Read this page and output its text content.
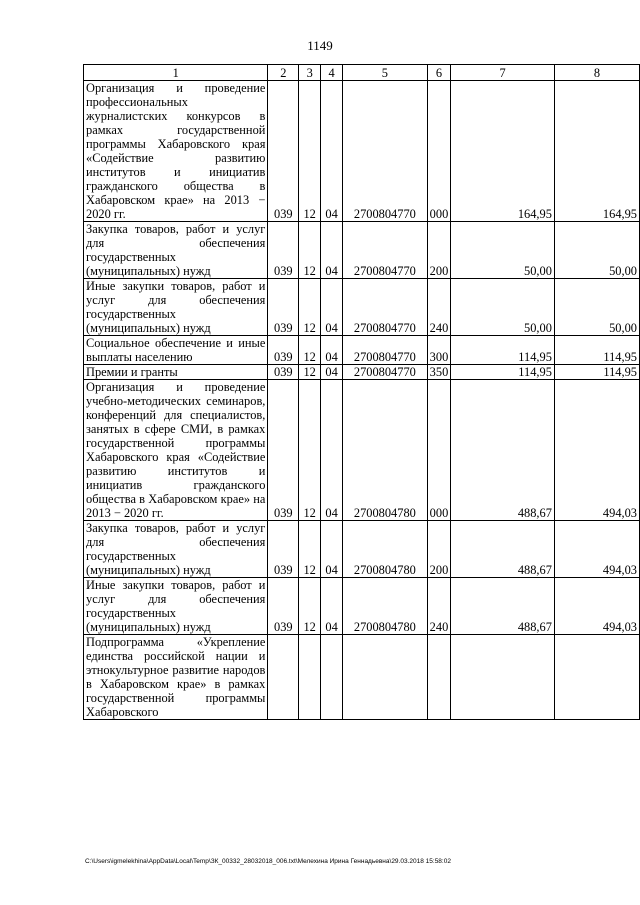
1149
1	2	3	4	5	6	7	8
Организация и проведение профессиональных журналистских конкурсов в рамках государственной программы Хабаровского края «Содействие развитию институтов и инициатив гражданского общества в Хабаровском крае» на 2013 − 2020 гг.	039	12	04	2700804770	000	164,95	164,95
Закупка товаров, работ и услуг для обеспечения государственных (муниципальных) нужд	039	12	04	2700804770	200	50,00	50,00
Иные закупки товаров, работ и услуг для обеспечения государственных (муниципальных) нужд	039	12	04	2700804770	240	50,00	50,00
Социальное обеспечение и иные выплаты населению	039	12	04	2700804770	300	114,95	114,95
Премии и гранты	039	12	04	2700804770	350	114,95	114,95
Организация и проведение учебно-методических семинаров, конференций для специалистов, занятых в сфере СМИ, в рамках государственной программы Хабаровского края «Содействие развитию институтов и инициатив гражданского общества в Хабаровском крае» на 2013 − 2020 гг.	039	12	04	2700804780	000	488,67	494,03
Закупка товаров, работ и услуг для обеспечения государственных (муниципальных) нужд	039	12	04	2700804780	200	488,67	494,03
Иные закупки товаров, работ и услуг для обеспечения государственных (муниципальных) нужд	039	12	04	2700804780	240	488,67	494,03
Подпрограмма «Укрепление единства российской нации и этнокультурное развитие народов в Хабаровском крае» в рамках государственной программы Хабаровского							
C:\Users\igmelekhina\AppData\Local\Temp\ЗК_00332_28032018_006.txt\Мелехина Ирина Геннадьевна\29.03.2018 15:58:02
